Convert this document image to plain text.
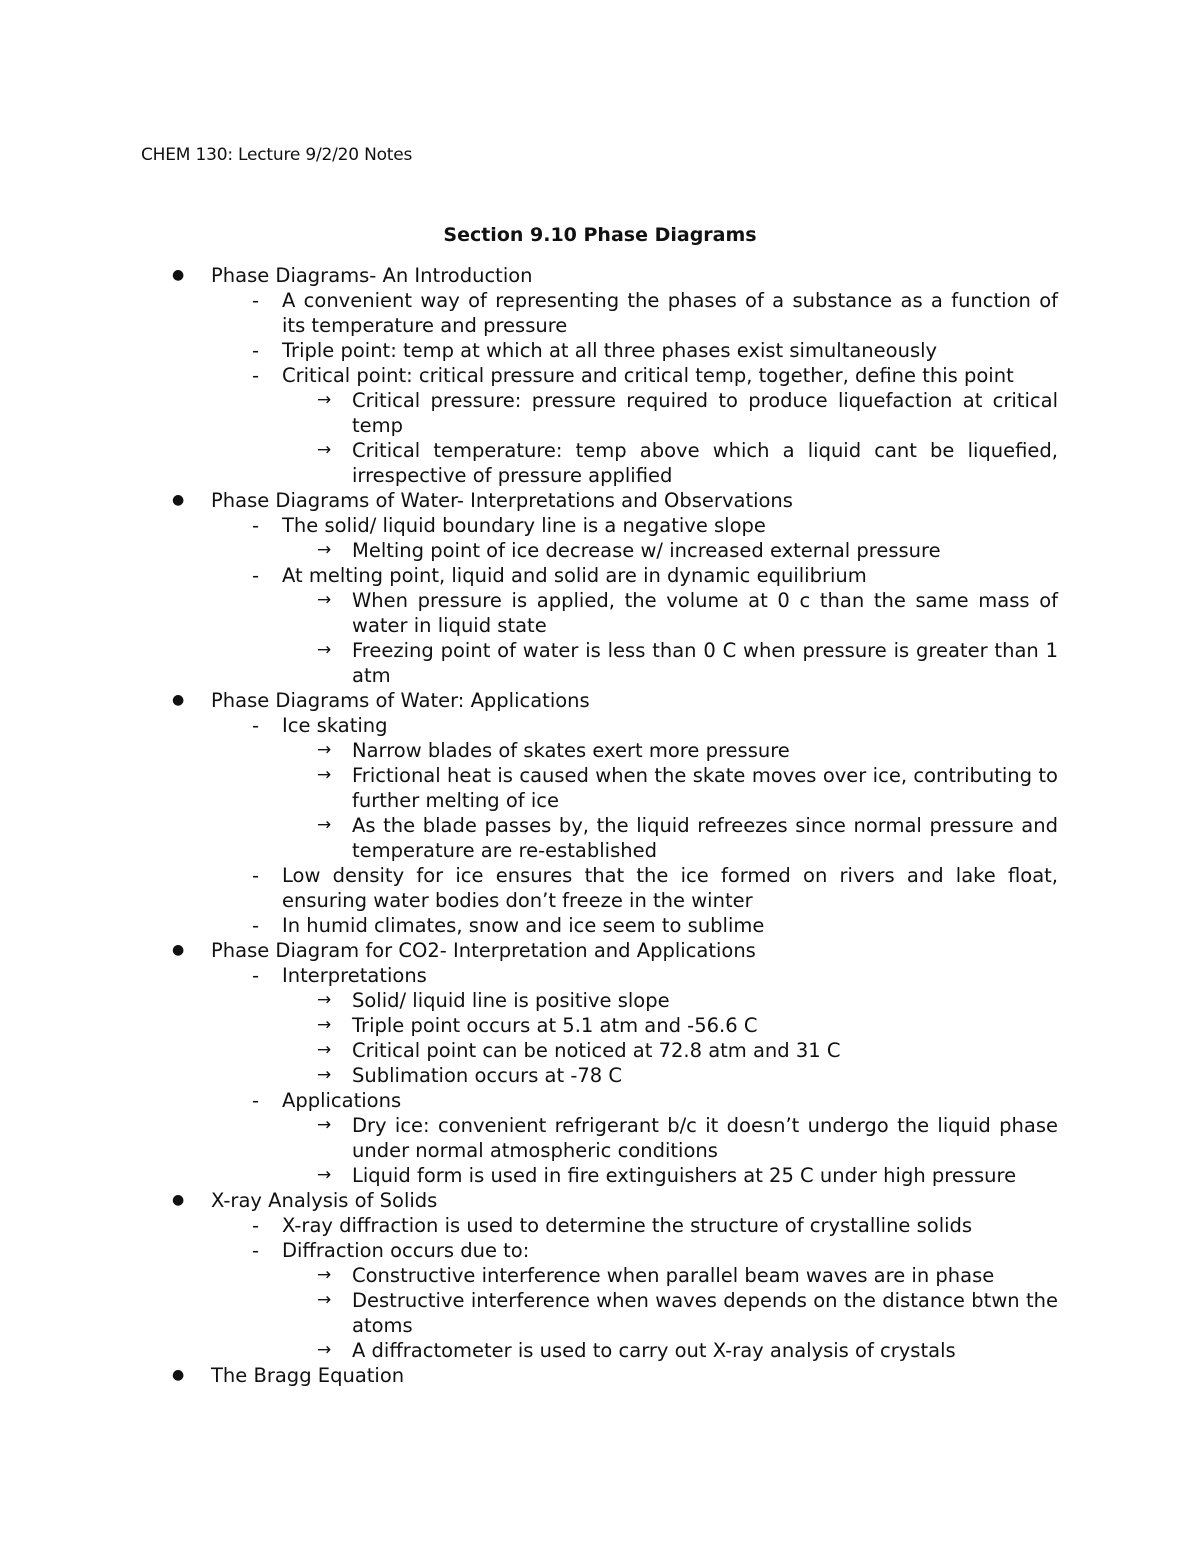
CHEM 130: Lecture 9/2/20 Notes
Section 9.10 Phase Diagrams
● Phase Diagrams- An Introduction
- A convenient way of representing the phases of a substance as a function of its temperature and pressure
- Triple point: temp at which at all three phases exist simultaneously
- Critical point: critical pressure and critical temp, together, define this point
→ Critical pressure: pressure required to produce liquefaction at critical temp
→ Critical temperature: temp above which a liquid cant be liquefied, irrespective of pressure applified
● Phase Diagrams of Water- Interpretations and Observations
- The solid/ liquid boundary line is a negative slope
→ Melting point of ice decrease w/ increased external pressure
- At melting point, liquid and solid are in dynamic equilibrium
→ When pressure is applied, the volume at 0 c than the same mass of water in liquid state
→ Freezing point of water is less than 0 C when pressure is greater than 1 atm
● Phase Diagrams of Water: Applications
- Ice skating
→ Narrow blades of skates exert more pressure
→ Frictional heat is caused when the skate moves over ice, contributing to further melting of ice
→ As the blade passes by, the liquid refreezes since normal pressure and temperature are re-established
- Low density for ice ensures that the ice formed on rivers and lake float, ensuring water bodies don’t freeze in the winter
- In humid climates, snow and ice seem to sublime
● Phase Diagram for CO2- Interpretation and Applications
- Interpretations
→ Solid/ liquid line is positive slope
→ Triple point occurs at 5.1 atm and -56.6 C
→ Critical point can be noticed at 72.8 atm and 31 C
→ Sublimation occurs at -78 C
- Applications
→ Dry ice: convenient refrigerant b/c it doesn’t undergo the liquid phase under normal atmospheric conditions
→ Liquid form is used in fire extinguishers at 25 C under high pressure
● X-ray Analysis of Solids
- X-ray diffraction is used to determine the structure of crystalline solids
- Diffraction occurs due to:
→ Constructive interference when parallel beam waves are in phase
→ Destructive interference when waves depends on the distance btwn the atoms
→ A diffractometer is used to carry out X-ray analysis of crystals
● The Bragg Equation
